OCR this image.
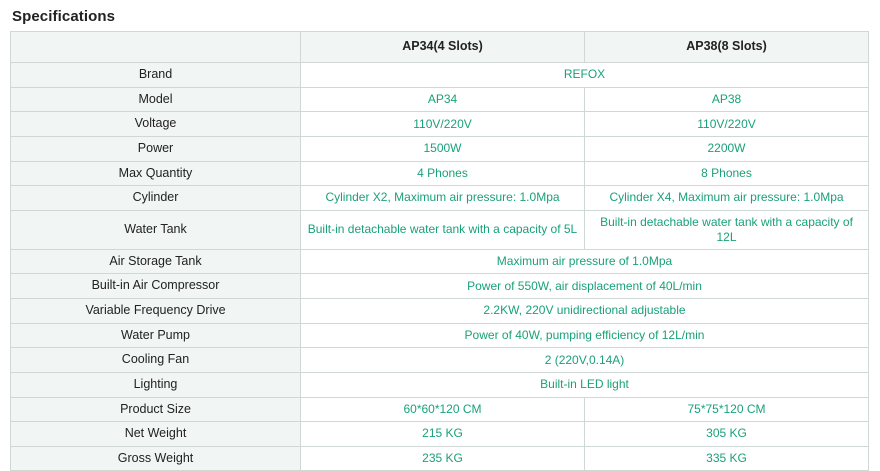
Specifications
	AP34(4 Slots)	AP38(8 Slots)
Brand	REFOX	
Model	AP34	AP38
Voltage	110V/220V	110V/220V
Power	1500W	2200W
Max Quantity	4 Phones	8 Phones
Cylinder	Cylinder X2, Maximum air pressure: 1.0Mpa	Cylinder X4, Maximum air pressure: 1.0Mpa
Water Tank	Built-in detachable water tank with a capacity of 5L	Built-in detachable water tank with a capacity of 12L
Air Storage Tank	Maximum air pressure of 1.0Mpa	
Built-in Air Compressor	Power of 550W, air displacement of 40L/min	
Variable Frequency Drive	2.2KW, 220V unidirectional adjustable	
Water Pump	Power of 40W, pumping efficiency of 12L/min	
Cooling Fan	2 (220V,0.14A)	
Lighting	Built-in LED light	
Product Size	60*60*120 CM	75*75*120 CM
Net Weight	215 KG	305 KG
Gross Weight	235 KG	335 KG
